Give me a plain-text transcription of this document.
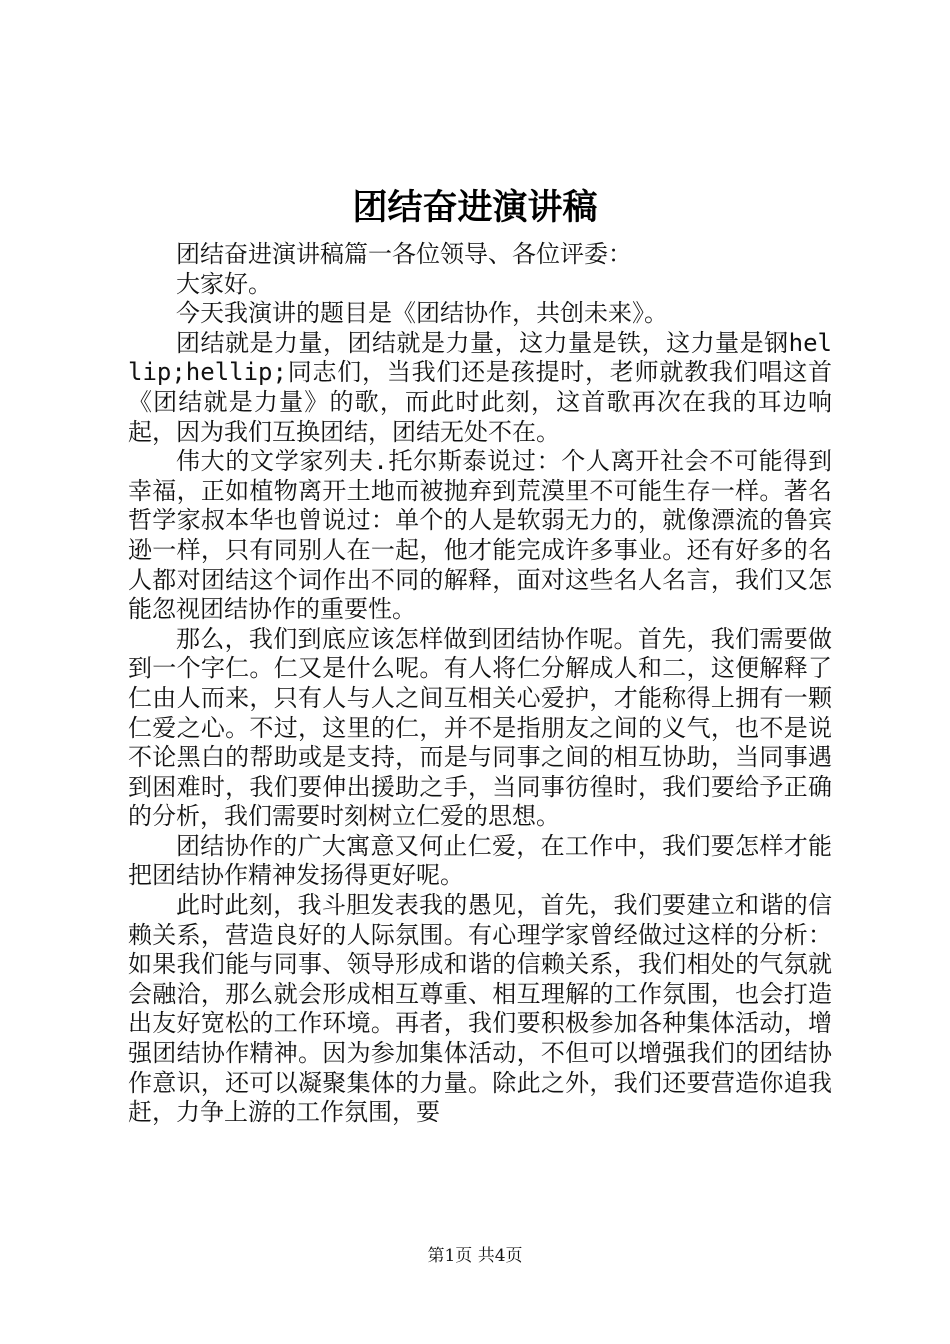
团结奋进演讲稿

团结奋进演讲稿篇一各位领导、各位评委：

大家好。

今天我演讲的题目是《团结协作，共创未来》。

团结就是力量，团结就是力量，这力量是铁，这力量是钢hellip;hellip;同志们，当我们还是孩提时，老师就教我们唱这首《团结就是力量》的歌，而此时此刻，这首歌再次在我的耳边响起，因为我们互换团结，团结无处不在。

伟大的文学家列夫.托尔斯泰说过：个人离开社会不可能得到幸福，正如植物离开土地而被抛弃到荒漠里不可能生存一样。著名哲学家叔本华也曾说过：单个的人是软弱无力的，就像漂流的鲁宾逊一样，只有同别人在一起，他才能完成许多事业。还有好多的名人都对团结这个词作出不同的解释，面对这些名人名言，我们又怎能忽视团结协作的重要性。

那么，我们到底应该怎样做到团结协作呢。首先，我们需要做到一个字仁。仁又是什么呢。有人将仁分解成人和二，这便解释了仁由人而来，只有人与人之间互相关心爱护，才能称得上拥有一颗仁爱之心。不过，这里的仁，并不是指朋友之间的义气，也不是说不论黑白的帮助或是支持，而是与同事之间的相互协助，当同事遇到困难时，我们要伸出援助之手，当同事彷徨时，我们要给予正确的分析，我们需要时刻树立仁爱的思想。

团结协作的广大寓意又何止仁爱，在工作中，我们要怎样才能把团结协作精神发扬得更好呢。

此时此刻，我斗胆发表我的愚见，首先，我们要建立和谐的信赖关系，营造良好的人际氛围。有心理学家曾经做过这样的分析：如果我们能与同事、领导形成和谐的信赖关系，我们相处的气氛就会融洽，那么就会形成相互尊重、相互理解的工作氛围，也会打造出友好宽松的工作环境。再者，我们要积极参加各种集体活动，增强团结协作精神。因为参加集体活动，不但可以增强我们的团结协作意识，还可以凝聚集体的力量。除此之外，我们还要营造你追我赶，力争上游的工作氛围，要

第1页 共4页
